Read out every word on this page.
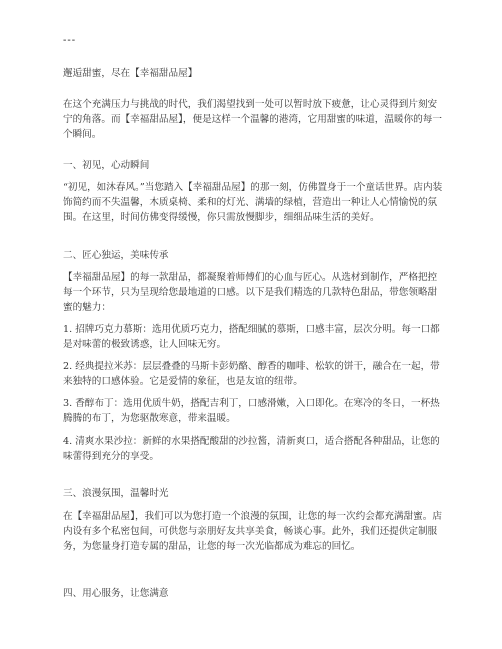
---

邂逅甜蜜，尽在【幸福甜品屋】

在这个充满压力与挑战的时代，我们渴望找到一处可以暂时放下疲惫，让心灵得到片刻安宁的角落。而【幸福甜品屋】，便是这样一个温馨的港湾，它用甜蜜的味道，温暖你的每一个瞬间。

一、初见，心动瞬间

“初见，如沐春风。”当您踏入【幸福甜品屋】的那一刻，仿佛置身于一个童话世界。店内装饰简约而不失温馨，木质桌椅、柔和的灯光、满墙的绿植，营造出一种让人心情愉悦的氛围。在这里，时间仿佛变得缓慢，你只需放慢脚步，细细品味生活的美好。

二、匠心独运，美味传承

【幸福甜品屋】的每一款甜品，都凝聚着师傅们的心血与匠心。从选材到制作，严格把控每一个环节，只为呈现给您最地道的口感。以下是我们精选的几款特色甜品，带您领略甜蜜的魅力：

1. 招牌巧克力慕斯：选用优质巧克力，搭配细腻的慕斯，口感丰富，层次分明。每一口都是对味蕾的极致诱惑，让人回味无穷。

2. 经典提拉米苏：层层叠叠的马斯卡彭奶酪、醇香的咖啡、松软的饼干，融合在一起，带来独特的口感体验。它是爱情的象征，也是友谊的纽带。

3. 香醇布丁：选用优质牛奶，搭配吉利丁，口感滑嫩，入口即化。在寒冷的冬日，一杯热腾腾的布丁，为您驱散寒意，带来温暖。

4. 清爽水果沙拉：新鲜的水果搭配酸甜的沙拉酱，清新爽口，适合搭配各种甜品，让您的味蕾得到充分的享受。

三、浪漫氛围，温馨时光

在【幸福甜品屋】，我们可以为您打造一个浪漫的氛围，让您的每一次约会都充满甜蜜。店内设有多个私密包间，可供您与亲朋好友共享美食，畅谈心事。此外，我们还提供定制服务，为您量身打造专属的甜品，让您的每一次光临都成为难忘的回忆。

四、用心服务，让您满意
